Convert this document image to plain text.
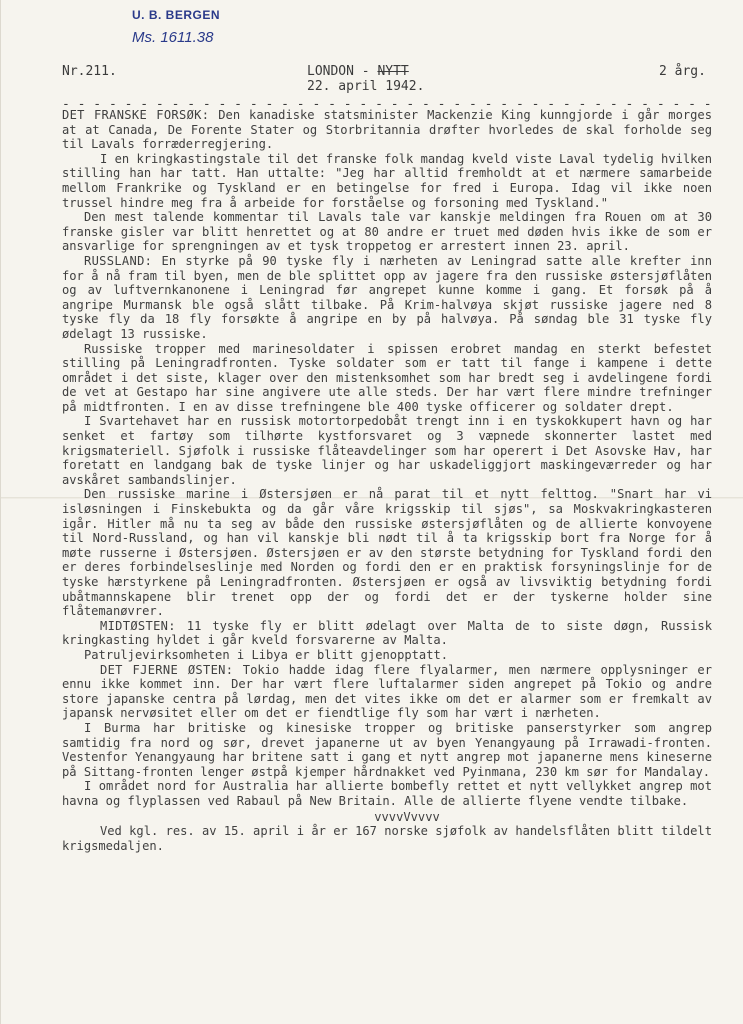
U. B. BERGEN
Ms. 1611.38
Nr.211.	LONDON - NYTT	2 årg.
22. april 1942.
- - - - - - - - - - - - - - - - - - - - - - - - - - - - - - - - - - - - - - - - - -

DET FRANSKE FORSØK: Den kanadiske statsminister Mackenzie King kunngjorde i går morges at at Canada, De Forente Stater og Storbritannia drøfter hvorledes de skal forholde seg til Lavals forræderregjering.

I en kringkastingstale til det franske folk mandag kveld viste Laval tydelig hvilken stilling han har tatt. Han uttalte: "Jeg har alltid fremholdt at et nærmere samarbeide mellom Frankrike og Tyskland er en betingelse for fred i Europa. Idag vil ikke noen trussel hindre meg fra å arbeide for forståelse og forsoning med Tyskland."

Den mest talende kommentar til Lavals tale var kanskje meldingen fra Rouen om at 30 franske gisler var blitt henrettet og at 80 andre er truet med døden hvis ikke de som er ansvarlige for sprengningen av et tysk troppetog er arrestert innen 23. april.

RUSSLAND: En styrke på 90 tyske fly i nærheten av Leningrad satte alle krefter inn for å nå fram til byen, men de ble splittet opp av jagere fra den russiske østersjøflåten og av luftvernkanonene i Leningrad før angrepet kunne komme i gang. Et forsøk på å angripe Murmansk ble også slått tilbake. På Krim-halvøya skjøt russiske jagere ned 8 tyske fly da 18 fly forsøkte å angripe en by på halvøya. På søndag ble 31 tyske fly ødelagt 13 russiske.

Russiske tropper med marinesoldater i spissen erobret mandag en sterkt befestet stilling på Leningradfronten. Tyske soldater som er tatt til fange i kampene i dette området i det siste, klager over den mistenksomhet som har bredt seg i avdelingene fordi de vet at Gestapo har sine angivere ute alle steds. Der har vært flere mindre trefninger på midtfronten. I en av disse trefningene ble 400 tyske officerer og soldater drept.

I Svartehavet har en russisk motortorpedobåt trengt inn i en tyskokkupert havn og har senket et fartøy som tilhørte kystforsvaret og 3 væpnede skonnerter lastet med krigsmateriell. Sjøfolk i russiske flåteavdelinger som har operert i Det Asovske Hav, har foretatt en landgang bak de tyske linjer og har uskadeliggjort maskingeværreder og har avskåret sambandslinjer.

Den russiske marine i Østersjøen er nå parat til et nytt felttog. "Snart har vi isløsningen i Finskebukta og da går våre krigsskip til sjøs", sa Moskvakringkasteren igår. Hitler må nu ta seg av både den russiske østersjøflåten og de allierte konvoyene til Nord-Russland, og han vil kanskje bli nødt til å ta krigsskip bort fra Norge for å møte russerne i Østersjøen. Østersjøen er av den største betydning for Tyskland fordi den er deres forbindelseslinje med Norden og fordi den er en praktisk forsyningslinje for de tyske hærstyrkene på Leningradfronten. Østersjøen er også av livsviktig betydning fordi ubåtmannskapene blir trenet opp der og fordi det er der tyskerne holder sine flåtemanøvrer.

MIDTØSTEN: 11 tyske fly er blitt ødelagt over Malta de to siste døgn, Russisk kringkasting hyldet i går kveld forsvarerne av Malta.

Patruljevirksomheten i Libya er blitt gjenopptatt.

DET FJERNE ØSTEN: Tokio hadde idag flere flyalarmer, men nærmere opplysninger er ennu ikke kommet inn. Der har vært flere luftalarmer siden angrepet på Tokio og andre store japanske centra på lørdag, men det vites ikke om det er alarmer som er fremkalt av japansk nervøsitet eller om det er fiendtlige fly som har vært i nærheten.

I Burma har britiske og kinesiske tropper og britiske panserstyrker som angrep samtidig fra nord og sør, drevet japanerne ut av byen Yenangyaung på Irrawadi-fronten. Vestenfor Yenangyaung har britene satt i gang et nytt angrep mot japanerne mens kineserne på Sittang-fronten lenger østpå kjemper hårdnakket ved Pyinmana, 230 km sør for Mandalay.

I området nord for Australia har allierte bombefly rettet et nytt vellykket angrep mot havna og flyplassen ved Rabaul på New Britain. Alle de allierte flyene vendte tilbake.

vvvvVvvvv

Ved kgl. res. av 15. april i år er 167 norske sjøfolk av handelsflåten blitt tildelt krigsmedaljen.
